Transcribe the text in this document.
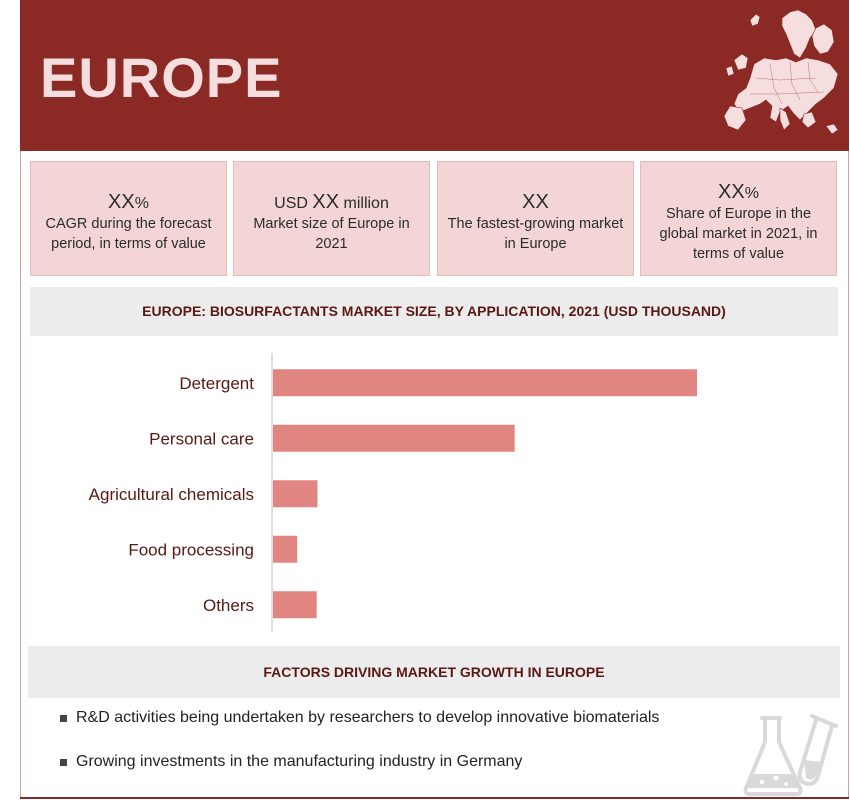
EUROPE
XX%
CAGR during the forecast period, in terms of value
USD XX million
Market size of Europe in 2021
XX
The fastest-growing market in Europe
XX%
Share of Europe in the global market in 2021, in terms of value
EUROPE: BIOSURFACTANTS MARKET SIZE, BY APPLICATION, 2021 (USD THOUSAND)
Detergent
Personal care
Agricultural chemicals
Food processing
Others
FACTORS DRIVING MARKET GROWTH IN EUROPE
R&D activities being undertaken by researchers to develop innovative biomaterials
Growing investments in the manufacturing industry in Germany
